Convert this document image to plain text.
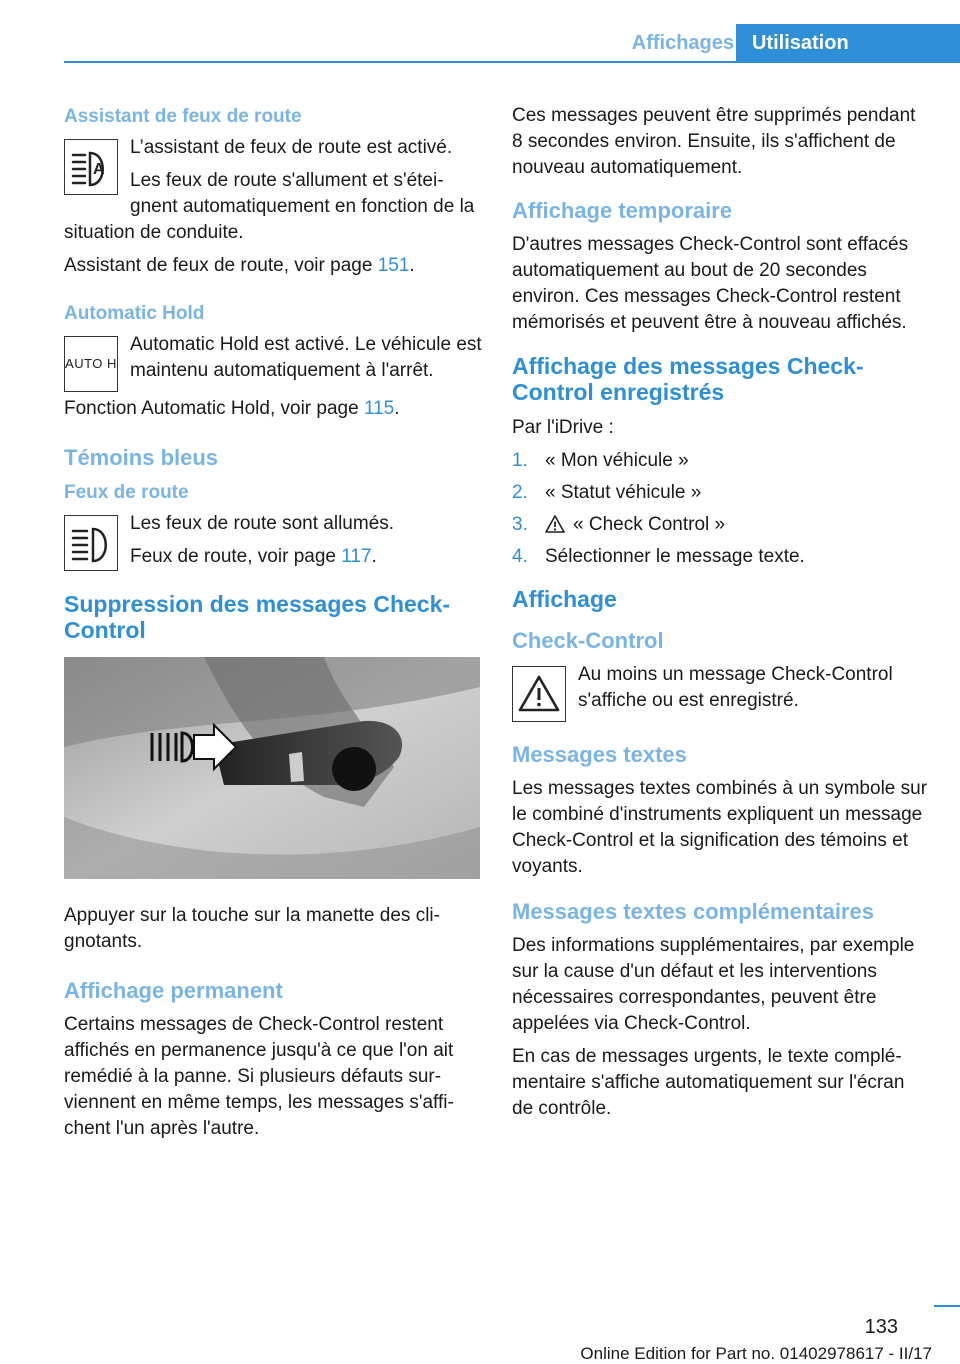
Affichages Utilisation
Assistant de feux de route
A

L’assistant de feux de route est activé.

Les feux de route s'allument et s'éteignent automatiquement en fonction de la situation de conduite.

Assistant de feux de route, voir page 151.

Automatic Hold
AUTO H

Automatic Hold est activé. Le véhicule est maintenu automatiquement à l'arrêt.

Fonction Automatic Hold, voir page 115.

Témoins bleus
Feux de route

Les feux de route sont allumés.

Feux de route, voir page 117.

Suppression des messages Check-Control

Appuyer sur la touche sur la manette des clignotants.

Affichage permanent

Certains messages de Check-Control restent affichés en permanence jusqu'à ce que l'on ait remédié à la panne. Si plusieurs défauts surviennent en même temps, les messages s'affichent l'un après l'autre.

Ces messages peuvent être supprimés pendant 8 secondes environ. Ensuite, ils s'affichent de nouveau automatiquement.

Affichage temporaire

D'autres messages Check-Control sont effacés automatiquement au bout de 20 secondes environ. Ces messages Check-Control restent mémorisés et peuvent être à nouveau affichés.

Affichage des messages Check-Control enregistrés

Par l'iDrive :

1. « Mon véhicule »
2. « Statut véhicule »
3.	« Check Control »
4. Sélectionner le message texte.
Affichage
Check-Control

Au moins un message Check-Control s'affiche ou est enregistré.

Messages textes

Les messages textes combinés à un symbole sur le combiné d'instruments expliquent un message Check-Control et la signification des témoins et voyants.

Messages textes complémentaires

Des informations supplémentaires, par exemple sur la cause d'un défaut et les interventions nécessaires correspondantes, peuvent être appelées via Check-Control.

En cas de messages urgents, le texte complémentaire s'affiche automatiquement sur l'écran de contrôle.

133
Online Edition for Part no. 01402978617 - II/17
